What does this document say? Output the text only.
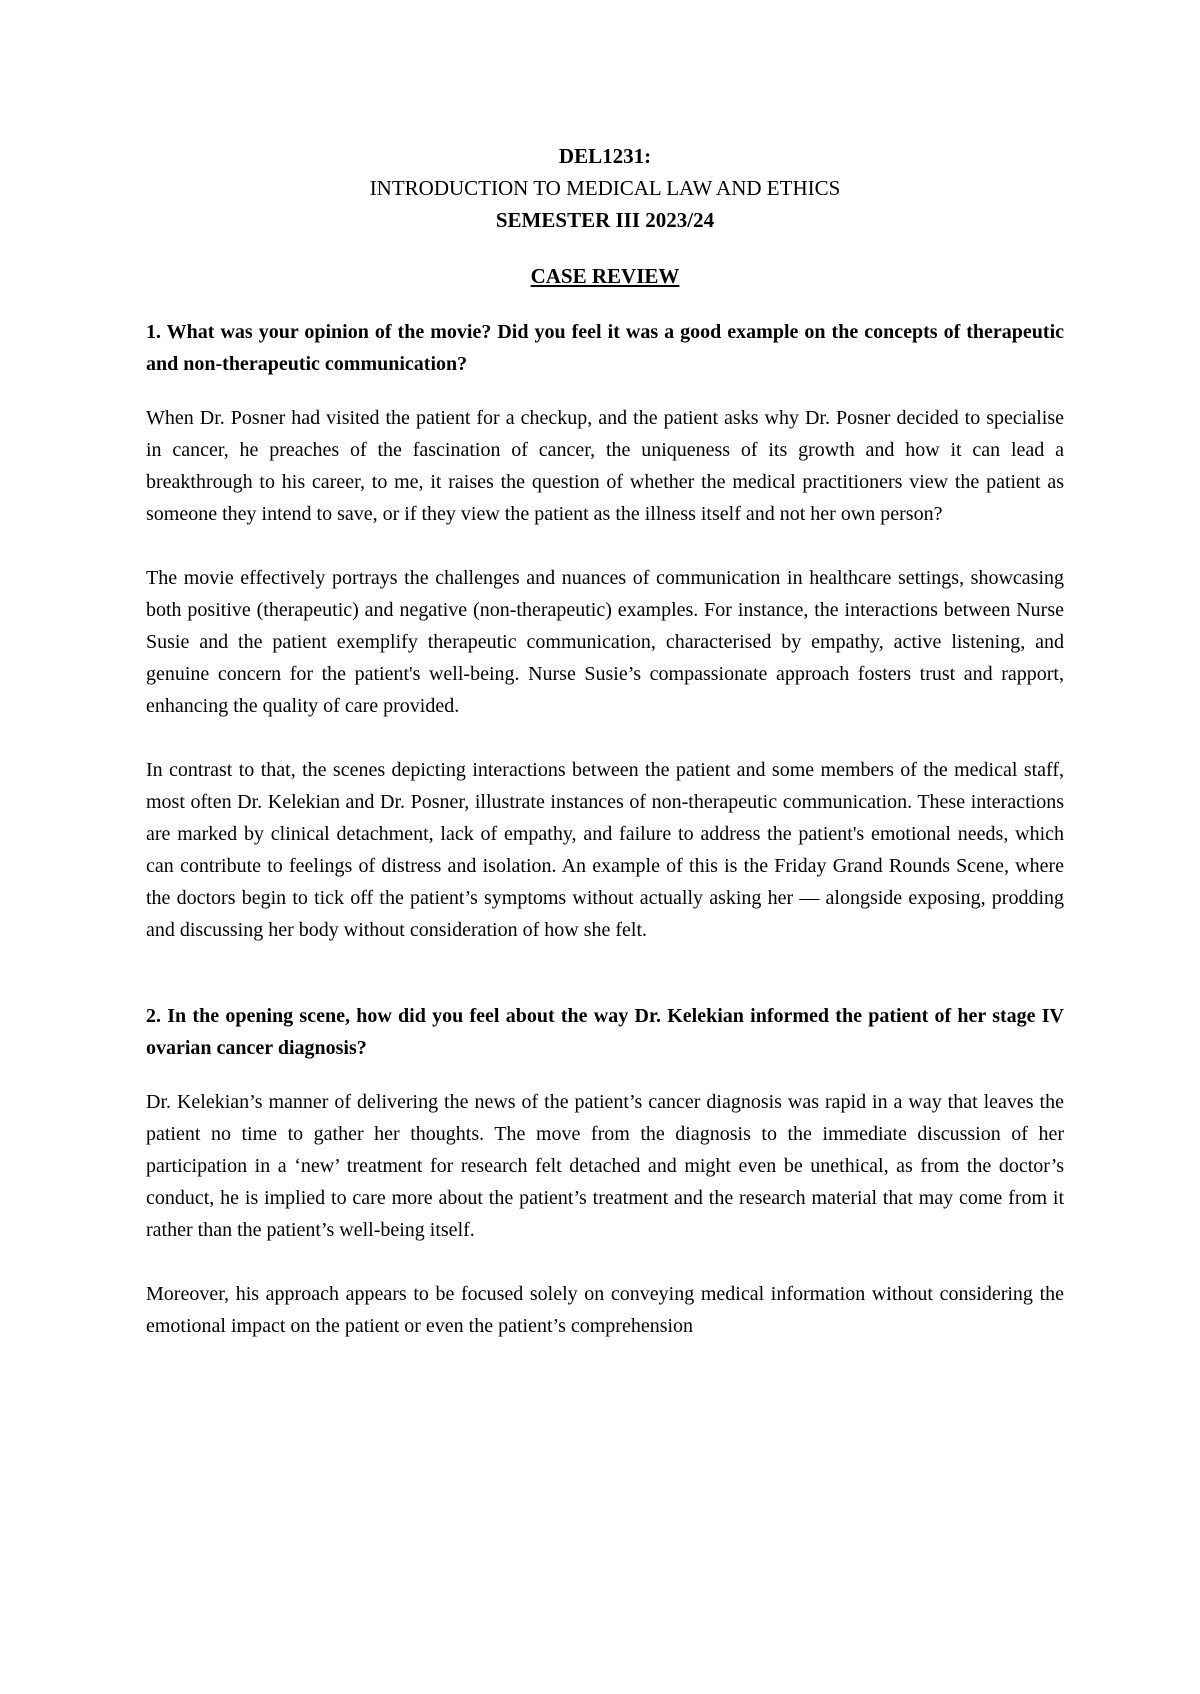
DEL1231:
INTRODUCTION TO MEDICAL LAW AND ETHICS
SEMESTER III 2023/24
CASE REVIEW

1. What was your opinion of the movie? Did you feel it was a good example on the concepts of therapeutic and non-therapeutic communication?

When Dr. Posner had visited the patient for a checkup, and the patient asks why Dr. Posner decided to specialise in cancer, he preaches of the fascination of cancer, the uniqueness of its growth and how it can lead a breakthrough to his career, to me, it raises the question of whether the medical practitioners view the patient as someone they intend to save, or if they view the patient as the illness itself and not her own person?

The movie effectively portrays the challenges and nuances of communication in healthcare settings, showcasing both positive (therapeutic) and negative (non-therapeutic) examples. For instance, the interactions between Nurse Susie and the patient exemplify therapeutic communication, characterised by empathy, active listening, and genuine concern for the patient's well-being. Nurse Susie’s compassionate approach fosters trust and rapport, enhancing the quality of care provided.

In contrast to that, the scenes depicting interactions between the patient and some members of the medical staff, most often Dr. Kelekian and Dr. Posner, illustrate instances of non-therapeutic communication. These interactions are marked by clinical detachment, lack of empathy, and failure to address the patient's emotional needs, which can contribute to feelings of distress and isolation. An example of this is the Friday Grand Rounds Scene, where the doctors begin to tick off the patient’s symptoms without actually asking her — alongside exposing, prodding and discussing her body without consideration of how she felt.

2. In the opening scene, how did you feel about the way Dr. Kelekian informed the patient of her stage IV ovarian cancer diagnosis?

Dr. Kelekian’s manner of delivering the news of the patient’s cancer diagnosis was rapid in a way that leaves the patient no time to gather her thoughts. The move from the diagnosis to the immediate discussion of her participation in a ‘new’ treatment for research felt detached and might even be unethical, as from the doctor’s conduct, he is implied to care more about the patient’s treatment and the research material that may come from it rather than the patient’s well-being itself.

Moreover, his approach appears to be focused solely on conveying medical information without considering the emotional impact on the patient or even the patient’s comprehension
